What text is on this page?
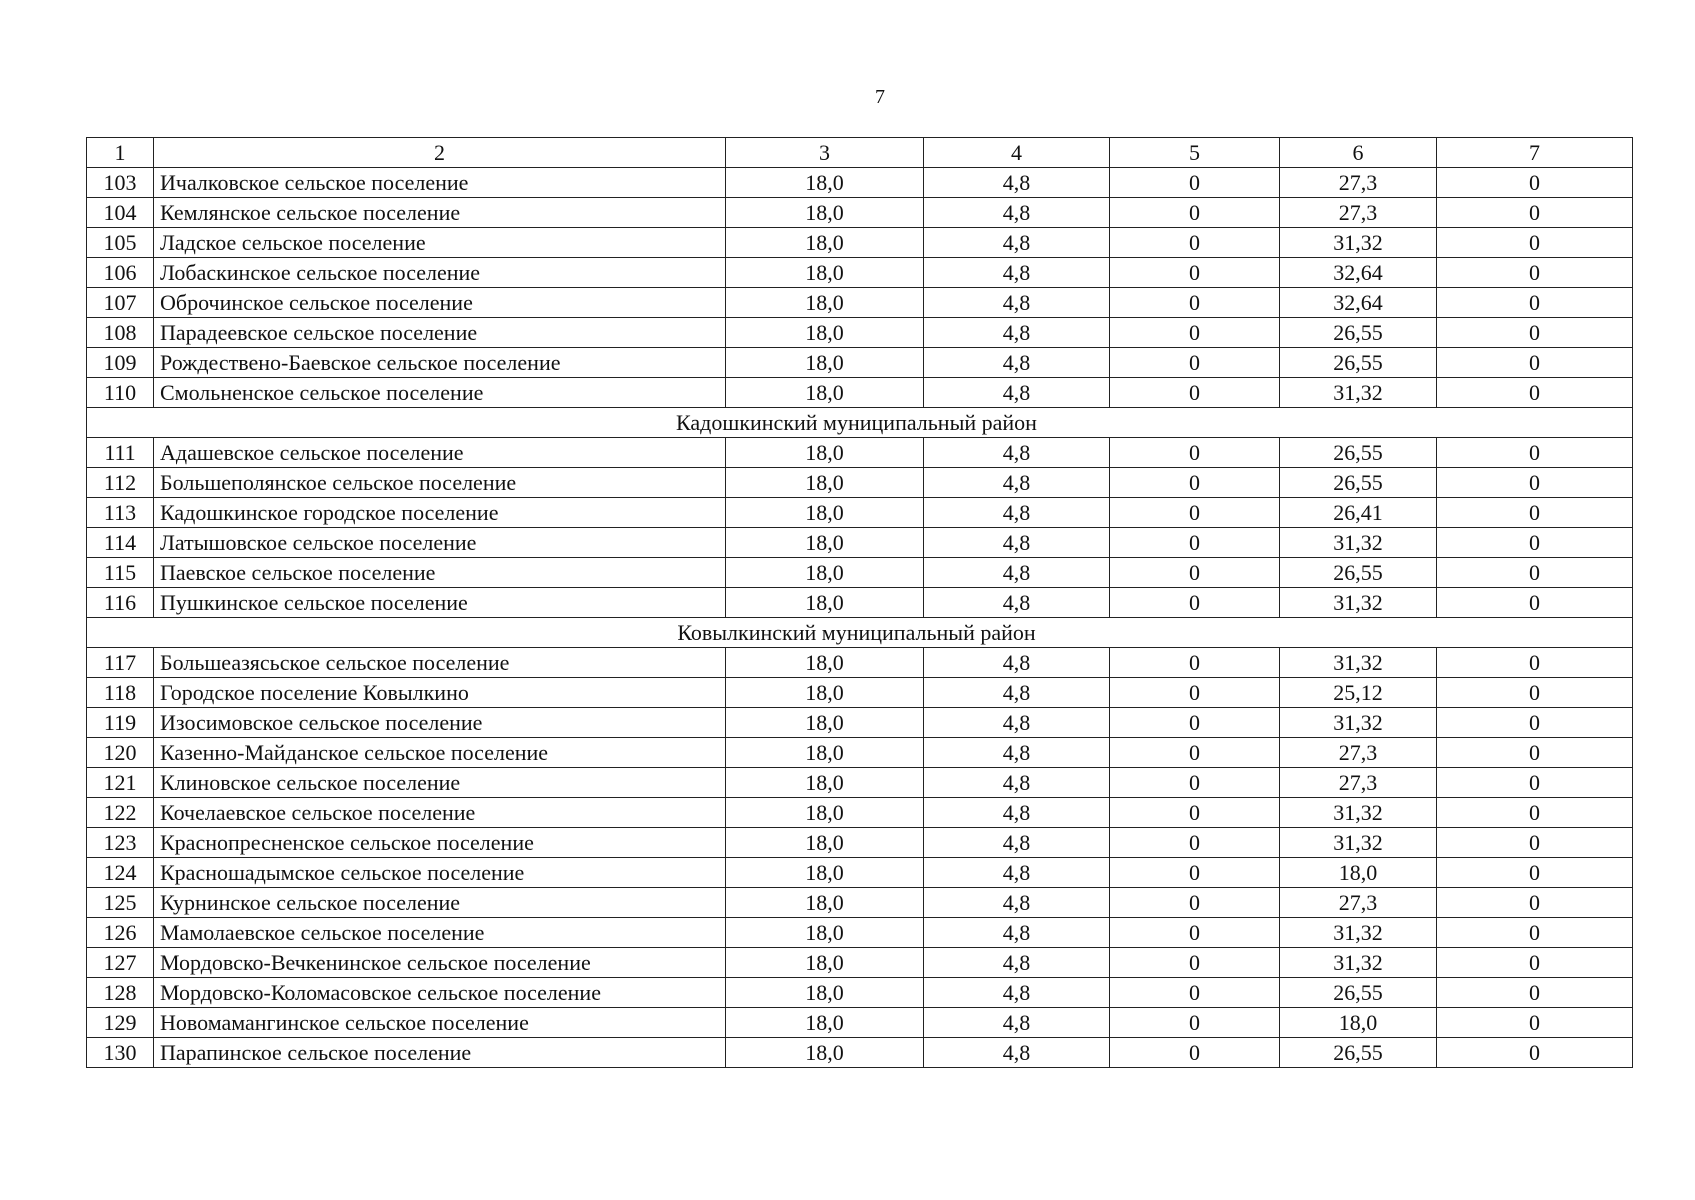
7
1	2	3	4	5	6	7
103	Ичалковское сельское поселение	18,0	4,8	0	27,3	0
104	Кемлянское сельское поселение	18,0	4,8	0	27,3	0
105	Ладское сельское поселение	18,0	4,8	0	31,32	0
106	Лобаскинское сельское поселение	18,0	4,8	0	32,64	0
107	Оброчинское сельское поселение	18,0	4,8	0	32,64	0
108	Парадеевское сельское поселение	18,0	4,8	0	26,55	0
109	Рождествено-Баевское сельское поселение	18,0	4,8	0	26,55	0
110	Смольненское сельское поселение	18,0	4,8	0	31,32	0
Кадошкинский муниципальный район						
111	Адашевское сельское поселение	18,0	4,8	0	26,55	0
112	Большеполянское сельское поселение	18,0	4,8	0	26,55	0
113	Кадошкинское городское поселение	18,0	4,8	0	26,41	0
114	Латышовское сельское поселение	18,0	4,8	0	31,32	0
115	Паевское сельское поселение	18,0	4,8	0	26,55	0
116	Пушкинское сельское поселение	18,0	4,8	0	31,32	0
Ковылкинский муниципальный район						
117	Большеазясьское сельское поселение	18,0	4,8	0	31,32	0
118	Городское поселение Ковылкино	18,0	4,8	0	25,12	0
119	Изосимовское сельское поселение	18,0	4,8	0	31,32	0
120	Казенно-Майданское сельское поселение	18,0	4,8	0	27,3	0
121	Клиновское сельское поселение	18,0	4,8	0	27,3	0
122	Кочелаевское сельское поселение	18,0	4,8	0	31,32	0
123	Краснопресненское сельское поселение	18,0	4,8	0	31,32	0
124	Красношадымское сельское поселение	18,0	4,8	0	18,0	0
125	Курнинское сельское поселение	18,0	4,8	0	27,3	0
126	Мамолаевское сельское поселение	18,0	4,8	0	31,32	0
127	Мордовско-Вечкенинское сельское поселение	18,0	4,8	0	31,32	0
128	Мордовско-Коломасовское сельское поселение	18,0	4,8	0	26,55	0
129	Новомамангинское сельское поселение	18,0	4,8	0	18,0	0
130	Парапинское сельское поселение	18,0	4,8	0	26,55	0
